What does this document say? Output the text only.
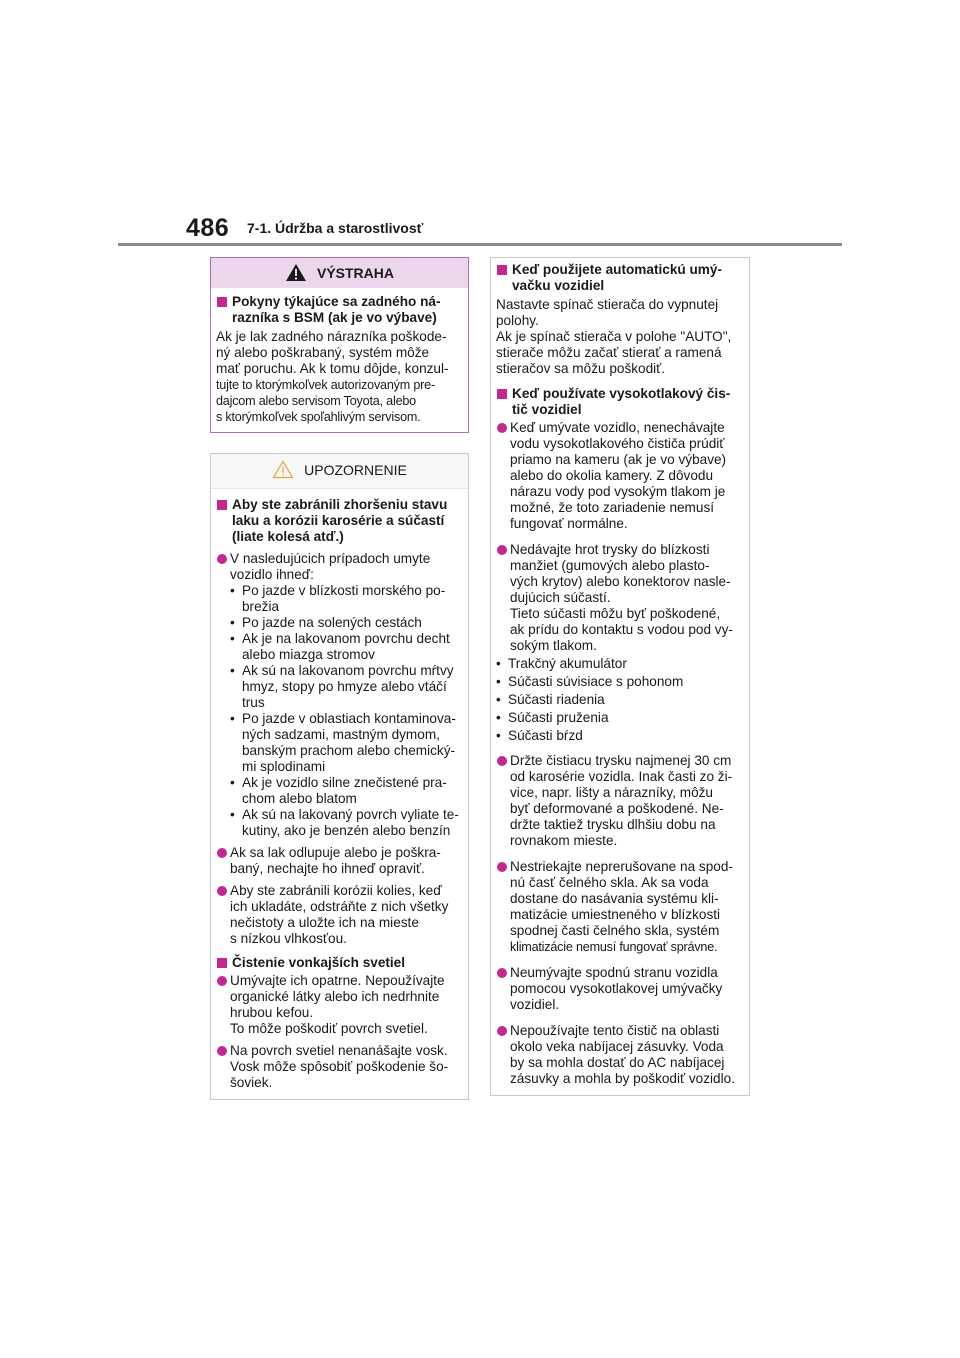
486 7-1. Údržba a starostlivosť
VÝSTRAHA
Pokyny týkajúce sa zadného ná-
razníka s BSM (ak je vo výbave)
Ak je lak zadného nárazníka poškode-
ný alebo poškrabaný, systém môže
mať poruchu. Ak k tomu dôjde, konzul-
tujte to ktorýmkoľvek autorizovaným pre-
dajcom alebo servisom Toyota, alebo
s ktorýmkoľvek spoľahlivým servisom.
UPOZORNENIE
Aby ste zabránili zhoršeniu stavu
laku a korózii karosérie a súčastí
(liate kolesá atď.)
V nasledujúcich prípadoch umyte
vozidlo ihneď:
• Po jazde v blízkosti morského po-
brežia
• Po jazde na solených cestách
• Ak je na lakovanom povrchu decht
alebo miazga stromov
• Ak sú na lakovanom povrchu mŕtvy
hmyz, stopy po hmyze alebo vtáčí
trus
• Po jazde v oblastiach kontaminova-
ných sadzami, mastným dymom,
banským prachom alebo chemický-
mi splodinami
• Ak je vozidlo silne znečistené pra-
chom alebo blatom
• Ak sú na lakovaný povrch vyliate te-
kutiny, ako je benzén alebo benzín
Ak sa lak odlupuje alebo je poškra-
baný, nechajte ho ihneď opraviť.
Aby ste zabránili korózii kolies, keď
ich ukladáte, odstráňte z nich všetky
nečistoty a uložte ich na mieste
s nízkou vlhkosťou.
Čistenie vonkajších svetiel
Umývajte ich opatrne. Nepoužívajte
organické látky alebo ich nedrhnite
hrubou kefou.
To môže poškodiť povrch svetiel.
Na povrch svetiel nenanášajte vosk.
Vosk môže spôsobiť poškodenie šo-
šoviek.
Keď použijete automatickú umý-
vačku vozidiel
Nastavte spínač stierača do vypnutej
polohy.
Ak je spínač stierača v polohe "AUTO",
stierače môžu začať stierať a ramená
stieračov sa môžu poškodiť.
Keď používate vysokotlakový čis-
tič vozidiel
Keď umývate vozidlo, nenechávajte
vodu vysokotlakového čističa prúdiť
priamo na kameru (ak je vo výbave)
alebo do okolia kamery. Z dôvodu
nárazu vody pod vysokým tlakom je
možné, že toto zariadenie nemusí
fungovať normálne.
Nedávajte hrot trysky do blízkosti
manžiet (gumových alebo plasto-
vých krytov) alebo konektorov nasle-
dujúcich súčastí.
Tieto súčasti môžu byť poškodené,
ak prídu do kontaktu s vodou pod vy-
sokým tlakom.
• Trakčný akumulátor
• Súčasti súvisiace s pohonom
• Súčasti riadenia
• Súčasti pruženia
• Súčasti bŕzd
Držte čistiacu trysku najmenej 30 cm
od karosérie vozidla. Inak časti zo ži-
vice, napr. lišty a nárazníky, môžu
byť deformované a poškodené. Ne-
držte taktiež trysku dlhšiu dobu na
rovnakom mieste.
Nestriekajte neprerušovane na spod-
nú časť čelného skla. Ak sa voda
dostane do nasávania systému kli-
matizácie umiestneného v blízkosti
spodnej časti čelného skla, systém
klimatizácie nemusí fungovať správne.
Neumývajte spodnú stranu vozidla
pomocou vysokotlakovej umývačky
vozidiel.
Nepoužívajte tento čistič na oblasti
okolo veka nabíjacej zásuvky. Voda
by sa mohla dostať do AC nabíjacej
zásuvky a mohla by poškodiť vozidlo.
